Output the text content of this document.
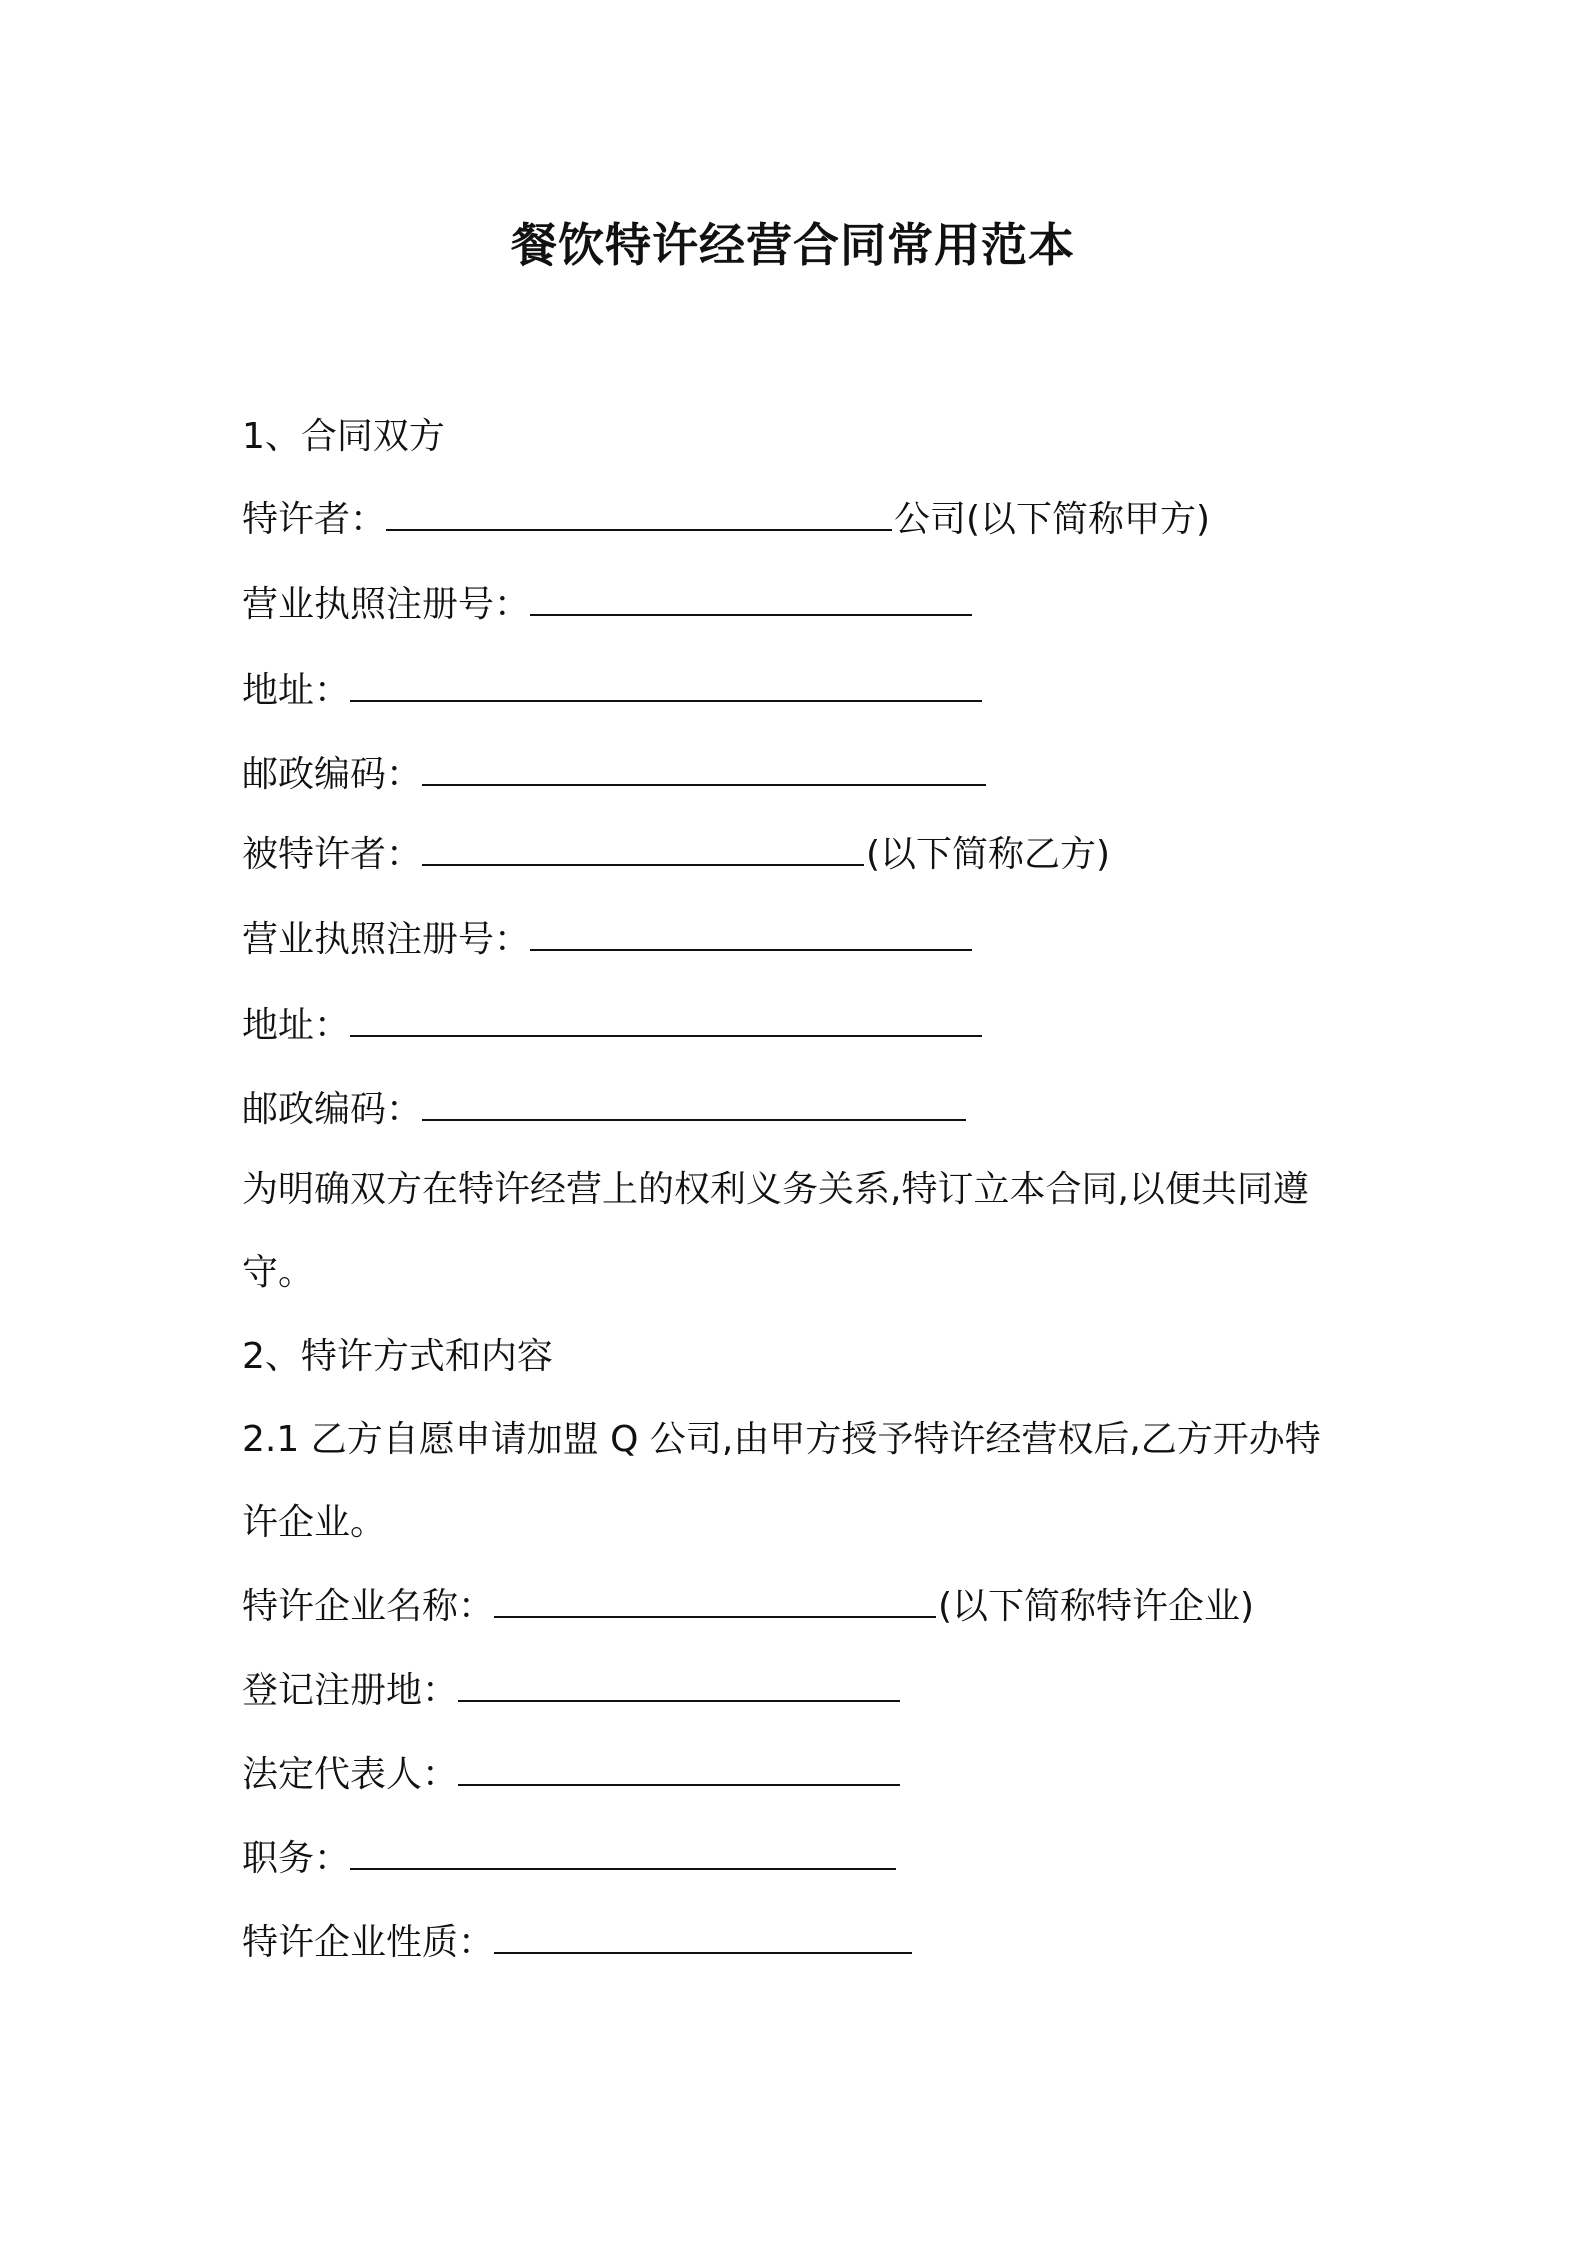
餐饮特许经营合同常用范本
1、合同双方
特许者：	公司(以下简称甲方)
营业执照注册号：
地址：
邮政编码：
被特许者：	(以下简称乙方)
营业执照注册号：
地址：
邮政编码：
为明确双方在特许经营上的权利义务关系,特订立本合同,以便共同遵
守。
2、特许方式和内容
2.1 乙方自愿申请加盟 Q 公司,由甲方授予特许经营权后,乙方开办特
许企业。
特许企业名称：	(以下简称特许企业)
登记注册地：
法定代表人：
职务：
特许企业性质：
